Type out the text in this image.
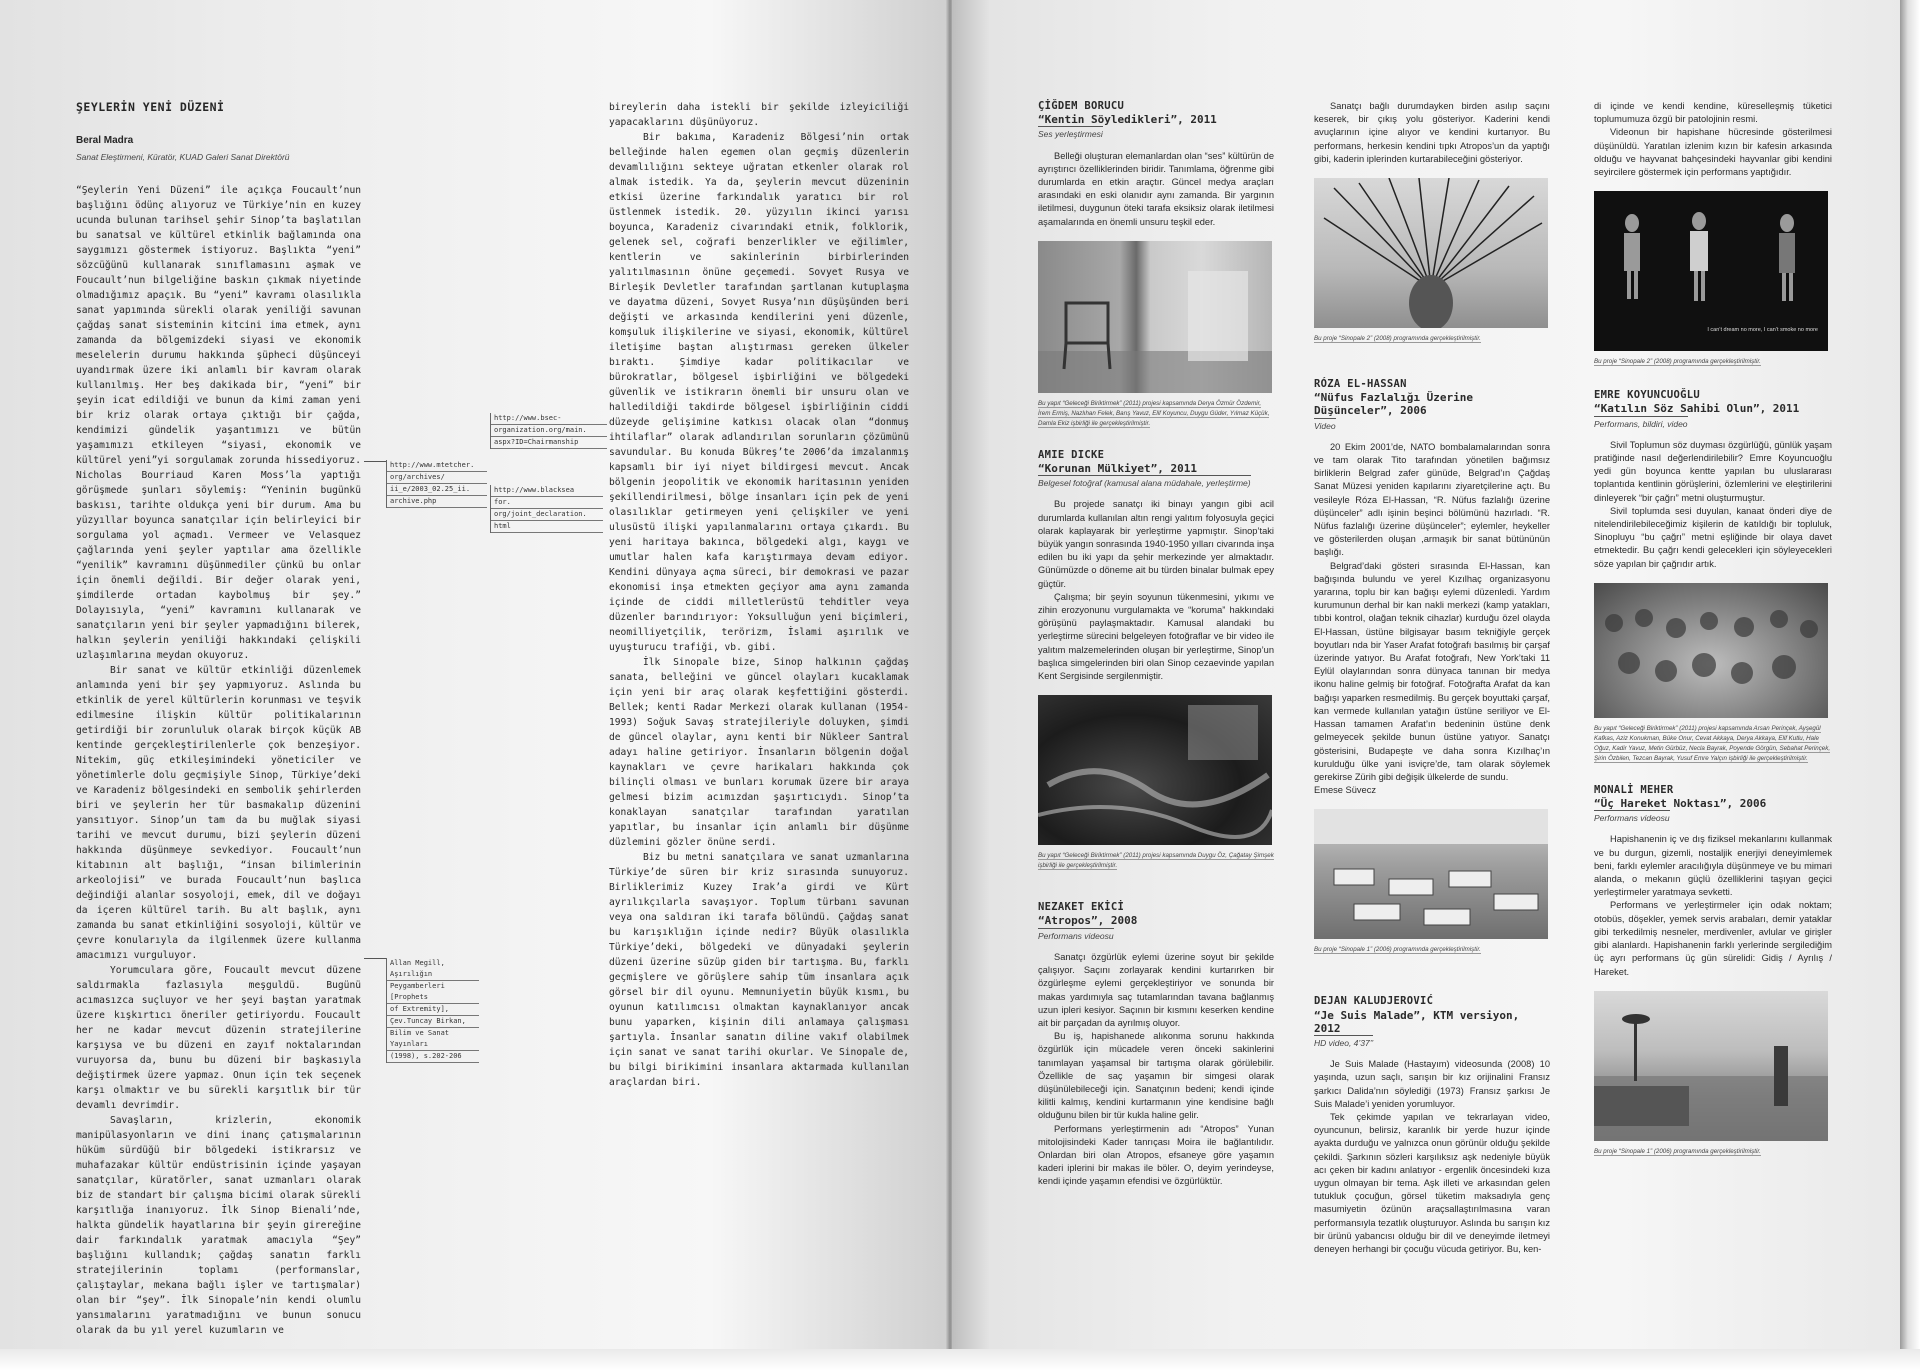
ŞEYLERİN YENİ DÜZENİ
Beral Madra
Sanat Eleştirmeni, Küratör, KUAD Galeri Sanat Direktörü

“Şeylerin Yeni Düzeni” ile açıkça Foucault’nun başlığını ödünç alıyoruz ve Türkiye’nin en kuzey ucunda bulunan tarihsel şehir Sinop’ta başlatılan bu sanatsal ve kültürel etkinlik bağlamında ona saygımızı göstermek istiyoruz. Başlıkta “yeni” sözcüğünü kullanarak sınıflamasını aşmak ve Foucault’nun bilgeliğine baskın çıkmak niyetinde olmadığımız apaçık. Bu “yeni” kavramı olasılıkla sanat yapımında sürekli olarak yeniliği savunan çağdaş sanat sisteminin kitcini ima etmek, aynı zamanda da bölgemizdeki siyasi ve ekonomik meselelerin durumu hakkında şüpheci düşünceyi uyandırmak üzere iki anlamlı bir kavram olarak kullanılmış. Her beş dakikada bir, “yeni” bir şeyin icat edildiği ve bunun da kimi zaman yeni bir kriz olarak ortaya çıktığı bir çağda, kendimizi gündelik yaşantımızı ve bütün yaşamımızı etkileyen “siyasi, ekonomik ve kültürel yeni”yi sorgulamak zorunda hissediyoruz. Nicholas Bourriaud Karen Moss’la yaptığı görüşmede şunları söylemiş: “Yeninin bugünkü baskısı, tarihte oldukça yeni bir durum. Ama bu yüzyıllar boyunca sanatçılar için belirleyici bir sorgulama yol açmadı. Vermeer ve Velasquez çağlarında yeni şeyler yaptılar ama özellikle “yenilik” kavramını düşünmediler çünkü bu onlar için önemli değildi. Bir değer olarak yeni, şimdilerde ortadan kaybolmuş bir şey.” Dolayısıyla, “yeni” kavramını kullanarak ve sanatçıların yeni bir şeyler yapmadığını bilerek, halkın şeylerin yeniliği hakkındaki çelişkili uzlaşımlarına meydan okuyoruz.

Bir sanat ve kültür etkinliği düzenlemek anlamında yeni bir şey yapmıyoruz. Aslında bu etkinlik de yerel kültürlerin korunması ve teşvik edilmesine ilişkin kültür politikalarının getirdiği bir zorunluluk olarak birçok küçük AB kentinde gerçekleştirilenlerle çok benzeşiyor. Nitekim, güç etkileşimindeki yöneticiler ve yönetimlerle dolu geçmişiyle Sinop, Türkiye’deki ve Karadeniz bölgesindeki en sembolik şehirlerden biri ve şeylerin her tür basmakalıp düzenini yansıtıyor. Sinop’un tam da bu muğlak siyasi tarihi ve mevcut durumu, bizi şeylerin düzeni hakkında düşünmeye sevkediyor. Foucault’nun kitabının alt başlığı, “insan bilimlerinin arkeolojisi” ve burada Foucault’nun başlıca değindiği alanlar sosyoloji, emek, dil ve doğayı da içeren kültürel tarih. Bu alt başlık, aynı zamanda bu sanat etkinliğini sosyoloji, kültür ve çevre konularıyla da ilgilenmek üzere kullanma amacımızı vurguluyor.

Yorumculara göre, Foucault mevcut düzene saldırmakla fazlasıyla meşguldü. Bugünü acımasızca suçluyor ve her şeyi baştan yaratmak üzere kışkırtıcı öneriler getiriyordu. Foucault her ne kadar mevcut düzenin stratejilerine karşıysa ve bu düzeni en zayıf noktalarından vuruyorsa da, bunu bu düzeni bir başkasıyla değiştirmek üzere yapmaz. Onun için tek seçenek karşı olmaktır ve bu sürekli karşıtlık bir tür devamlı devrimdir.

Savaşların, krizlerin, ekonomik manipülasyonların ve dini inanç çatışmalarının hüküm sürdüğü bir bölgedeki istikrarsız ve muhafazakar kültür endüstrisinin içinde yaşayan sanatçılar, küratörler, sanat uzmanları olarak biz de standart bir çalışma bicimi olarak sürekli karşıtlığa inanıyoruz. İlk Sinop Bienali’nde, halkta gündelik hayatlarına bir şeyin girereğine dair farkındalık yaratmak amacıyla “Şey” başlığını kullandık; çağdaş sanatın farklı stratejilerinin toplamı (performanslar, çalıştaylar, mekana bağlı işler ve tartışmalar) olan bir “şey”. İlk Sinopale’nin kendi olumlu yansımalarını yaratmadığını ve bunun sonucu olarak da bu yıl yerel kuzumların ve

bireylerin daha istekli bir şekilde izleyiciliği yapacaklarını düşünüyoruz.

Bir bakıma, Karadeniz Bölgesi’nin ortak belleğinde halen egemen olan geçmiş düzenlerin devamlılığını sekteye uğratan etkenler olarak rol almak istedik. Ya da, şeylerin mevcut düzeninin etkisi üzerine farkındalık yaratıcı bir rol üstlenmek istedik. 20. yüzyılın ikinci yarısı boyunca, Karadeniz civarındaki etnik, folklorik, gelenek sel, coğrafi benzerlikler ve eğilimler, kentlerin ve sakinlerinin birbirlerinden yalıtılmasının önüne geçemedi. Sovyet Rusya ve Birleşik Devletler tarafından şartlanan kutuplaşma ve dayatma düzeni, Sovyet Rusya’nın düşüşünden beri değişti ve arkasında kendilerini yeni düzenle, komşuluk ilişkilerine ve siyasi, ekonomik, kültürel iletişime baştan alıştırması gereken ülkeler bıraktı. Şimdiye kadar politikacılar ve bürokratlar, bölgesel işbirliğini ve bölgedeki güvenlik ve istikrarın önemli bir unsuru olan ve halledildiği takdirde bölgesel işbirliğinin ciddi düzeyde gelişimine katkısı olacak olan “donmuş ihtilaflar” olarak adlandırılan sorunların çözümünü savundular. Bu konuda Bükreş’te 2006’da imzalanmış kapsamlı bir iyi niyet bildirgesi mevcut. Ancak bölgenin jeopolitik ve ekonomik haritasının yeniden şekillendirilmesi, bölge insanları için pek de yeni olasılıklar getirmeyen yeni çelişkiler ve yeni ulusüstü ilişki yapılanmalarını ortaya çıkardı. Bu yeni haritaya bakınca, bölgedeki algı, kaygı ve umutlar halen kafa karıştırmaya devam ediyor. Kendini dünyaya açma süreci, bir demokrasi ve pazar ekonomisi inşa etmekten geçiyor ama aynı zamanda içinde de ciddi milletlerüstü tehditler veya düzenler barındırıyor: Yoksulluğun yeni biçimleri, neomilliyetçilik, terörizm, İslami aşırılık ve uyuşturucu trafiği, vb. gibi.

İlk Sinopale bize, Sinop halkının çağdaş sanata, belleğini ve güncel olayları kucaklamak için yeni bir araç olarak keşfettiğini gösterdi. Bellek; kenti Radar Merkezi olarak kullanan (1954-1993) Soğuk Savaş stratejileriyle doluyken, şimdi de güncel olaylar, aynı kenti bir Nükleer Santral adayı haline getiriyor. İnsanların bölgenin doğal kaynakları ve çevre harikaları hakkında çok bilinçli olması ve bunları korumak üzere bir araya gelmesi bizim acımızdan şaşırtıcıydı. Sinop’ta konaklayan sanatçılar tarafından yaratılan yapıtlar, bu insanlar için anlamlı bir düşünme düzlemini gözler önüne serdi.

Biz bu metni sanatçılara ve sanat uzmanlarına Türkiye’de süren bir kriz sırasında sunuyoruz. Birliklerimiz Kuzey Irak’a girdi ve Kürt ayrılıkçılarla savaşıyor. Toplum türbanı savunan veya ona saldıran iki tarafa bölündü. Çağdaş sanat bu karışıklığın içinde nedir? Büyük olasılıkla Türkiye’deki, bölgedeki ve dünyadaki şeylerin düzeni üzerine süzüp giden bir tartışma. Bu, farklı geçmişlere ve görüşlere sahip tüm insanlara açık görsel bir dil oyunu. Memnuniyetin büyük kısmı, bu oyunun katılımcısı olmaktan kaynaklanıyor ancak bunu yaparken, kişinin dili anlamaya çalışması şartıyla. İnsanlar sanatın diline vakıf olabilmek için sanat ve sanat tarihi okurlar. Ve Sinopale de, bu bilgi birikimini insanlara aktarmada kullanılan araçlardan biri.

http://www.bsec-
organization.org/main.
aspx?ID=Chairmanship
http://www.mtetcher.
org/archives/
ii_e/2003_02.25_ii.
archive.php
http://www.blacksea
for.
org/joint_declaration.
html
Allan Megill, Aşırılığın
Peygamberleri [Prophets
of Extremity],
Çev.Tuncay Birkan,
Bilim ve Sanat Yayınları
(1998), s.202-206
ÇİĞDEM BORUCU
“Kentin Söyledikleri”, 2011
Ses yerleştirmesi

Belleği oluşturan elemanlardan olan “ses” kültürün de ayrıştırıcı özelliklerinden biridir. Tanımlama, öğrenme gibi durumlarda en etkin araçtır. Güncel medya araçları arasındaki en eski olanıdır aynı zamanda. Bir yargının iletilmesi, duygunun öteki tarafa eksiksiz olarak iletilmesi aşamalarında en önemli unsuru teşkil eder.

Bu yapıt “Geleceği Biriktirmek” (2011) projesi kapsamında Derya Özmür Özdemir, İrem Ermiş, Nazlıhan Felek, Barış Yavuz, Elif Koyuncu, Duygu Güder, Yılmaz Küçük, Damla Ekiz işbirliği ile gerçekleştirilmiştir.
AMIE DICKE
“Korunan Mülkiyet”, 2011
Belgesel fotoğraf (kamusal alana müdahale, yerleştirme)

Bu projede sanatçı iki binayı yangın gibi acil durumlarda kullanılan altın rengi yalıtım folyosuyla geçici olarak kaplayarak bir yerleştirme yapmıştır. Sinop’taki büyük yangın sonrasında 1940-1950 yılları civarında inşa edilen bu iki yapı da şehir merkezinde yer almaktadır. Günümüzde o döneme ait bu türden binalar bulmak epey güçtür.

Çalışma; bir şeyin soyunun tükenmesini, yıkımı ve zihin erozyonunu vurgulamakta ve “koruma” hakkındaki görüşünü paylaşmaktadır. Kamusal alandaki bu yerleştirme sürecini belgeleyen fotoğraflar ve bir video ile yalıtım malzemelerinden oluşan bir yerleştirme, Sinop’un başlıca simgelerinden biri olan Sinop cezaevinde yapılan Kent Sergisinde sergilenmiştir.

Bu yapıt “Geleceği Biriktirmek” (2011) projesi kapsamında Duygu Öz, Çağatay Şimşek işbirliği ile gerçekleştirilmiştir.
NEZAKET EKİCİ
“Atropos”, 2008
Performans videosu

Sanatçı özgürlük eylemi üzerine soyut bir şekilde çalışıyor. Saçını zorlayarak kendini kurtarırken bir özgürleşme eylemi gerçekleştiriyor ve sonunda bir makas yardımıyla saç tutamlarından tavana bağlanmış uzun ipleri kesiyor. Saçının bir kısmını keserken kendine ait bir parçadan da ayrılmış oluyor.

Bu iş, hapishanede alıkonma sorunu hakkında özgürlük için mücadele veren önceki sakinlerini tanımlayan yaşamsal bir tartışma olarak görülebilir. Özellikle de saç yaşamın bir simgesi olarak düşünülebileceği için. Sanatçının bedeni; kendi içinde kilitli kalmış, kendini kurtarmanın yine kendisine bağlı olduğunu bilen bir tür kukla haline gelir.

Performans yerleştirmenin adı “Atropos” Yunan mitolojisindeki Kader tanrıçası Moira ile bağlantılıdır. Onlardan biri olan Atropos, efsaneye göre yaşamın kaderi iplerini bir makas ile böler. O, deyim yerindeyse, kendi içinde yaşamın efendisi ve özgürlüktür.

Sanatçı bağlı durumdayken birden asılıp saçını keserek, bir çıkış yolu gösteriyor. Kaderini kendi avuçlarının içine alıyor ve kendini kurtarıyor. Bu performans, herkesin kendini tıpkı Atropos’un da yaptığı gibi, kaderin iplerinden kurtarabileceğini gösteriyor.

Bu proje “Sinopale 2” (2008) programında gerçekleştirilmiştir.
RÓZA EL-HASSAN
“Nüfus Fazlalığı Üzerine Düşünceler”, 2006
Video

20 Ekim 2001’de, NATO bombalamalarından sonra ve tam olarak Tito tarafından yönetilen bağımsız birliklerin Belgrad zafer günüde, Belgrad’ın Çağdaş Sanat Müzesi yeniden kapılarını ziyaretçilerine açtı. Bu vesileyle Róza El-Hassan, “R. Nüfus fazlalığı üzerine düşünceler” adlı işinin beşinci bölümünü hazırladı. “R. Nüfus fazlalığı üzerine düşünceler”; eylemler, heykeller ve gösterilerden oluşan ,armaşık bir sanat bütününün başlığı.

Belgrad’daki gösteri sırasında El-Hassan, kan bağışında bulundu ve yerel Kızılhaç organizasyonu yararına, toplu bir kan bağışı eylemi düzenledi. Yardım kurumunun derhal bir kan nakli merkezi (kamp yatakları, tıbbi kontrol, olağan teknik cihazlar) kurduğu özel olayda El-Hassan, üstüne bilgisayar basım tekniğiyle gerçek boyutları nda bir Yaser Arafat fotoğrafı basılmış bir çarşaf üzerinde yatıyor. Bu Arafat fotoğrafı, New York’taki 11 Eylül olaylarından sonra dünyaca tanınan bir medya ikonu haline gelmiş bir fotoğraf. Fotoğrafta Arafat da kan bağışı yaparken resmedilmiş. Bu gerçek boyuttaki çarşaf, kan vermede kullanılan yatağın üstüne seriliyor ve El-Hassan tamamen Arafat’ın bedeninin üstüne denk gelmeyecek şekilde bunun üstüne yatıyor. Sanatçı gösterisini, Budapeşte ve daha sonra Kızılhaç’ın kurulduğu ülke yani isviçre’de, tam olarak söylemek gerekirse Zürih gibi değişik ülkelerde de sundu.

Emese Süvecz

Bu proje “Sinopale 1” (2006) programında gerçekleştirilmiştir.
DEJAN KALUDJEROVIĆ
“Je Suis Malade”, KTM versiyon, 2012
HD video, 4’37’’

Je Suis Malade (Hastayım) videosunda (2008) 10 yaşında, uzun saçlı, sarışın bir kız orijinalini Fransız şarkıcı Dalida’nın söylediği (1973) Fransız şarkısı Je Suis Malade’i yeniden yorumluyor.

Tek çekimde yapılan ve tekrarlayan video, oyuncunun, belirsiz, karanlık bir yerde huzur içinde ayakta durduğu ve yalnızca onun görünür olduğu şekilde çekildi. Şarkının sözleri karşılıksız aşk nedeniyle büyük acı çeken bir kadını anlatıyor - ergenlik öncesindeki kıza uygun olmayan bir tema. Aşk illeti ve arkasından gelen tutukluk çocuğun, görsel tüketim maksadıyla genç masumiyetin özünün araçsallaştırılmasına varan performansıyla tezatlık oluşturuyor. Aslında bu sarışın kız bir ürünü yabancısı olduğu bir dil ve deneyimde iletmeyi deneyen herhangi bir çocuğu vücuda getiriyor. Bu, ken-

di içinde ve kendi kendine, küreselleşmiş tüketici toplumumuza özgü bir patolojinin resmi.

Videonun bir hapishane hücresinde gösterilmesi düşünüldü. Yaratılan izlenim kızın bir kafesin arkasında olduğu ve hayvanat bahçesindeki hayvanlar gibi kendini seyircilere göstermek için performans yaptığıdır.

I can’t dream no more, I can’t smoke no more
Bu proje “Sinopale 2” (2008) programında gerçekleştirilmiştir.
EMRE KOYUNCUOĞLU
“Katılın Söz Sahibi Olun”, 2011
Performans, bildiri, video

Sivil Toplumun söz duyması özgürlüğü, günlük yaşam pratiğinde nasıl değerlendirilebilir? Emre Koyuncuoğlu yedi gün boyunca kentte yapılan bu uluslararası toplantıda kentlinin görüşlerini, özlemlerini ve eleştirilerini dinleyerek “bir çağrı” metni oluşturmuştur.

Sivil toplumda sesi duyulan, kanaat önderi diye de nitelendirilebileceğimiz kişilerin de katıldığı bir topluluk, Sinopluyu “bu çağrı” metni eşliğinde bir olaya davet etmektedir. Bu çağrı kendi gelecekleri için söyleyecekleri söze yapılan bir çağrıdır artık.

Bu yapıt “Geleceği Biriktirmek” (2011) projesi kapsamında Arsan Perinçek, Ayşegül Kafkas, Aziz Konukman, Büke Onur, Cevat Akkaya, Derya Akkaya, Elif Kutlu, Hale Oğuz, Kadir Yavuz, Metin Gürbüz, Necla Bayrak, Poyende Görgün, Sebahat Perinçek, Şirin Özbilen, Tezcan Bayrak, Yusuf Emre Yalçın işbirliği ile gerçekleştirilmiştir.
MONALİ MEHER
“Üç Hareket Noktası”, 2006
Performans videosu

Hapishanenin iç ve dış fiziksel mekanlarını kullanmak ve bu durgun, gizemli, nostaljik enerjiyi deneyimlemek beni, farklı eylemler aracılığıyla düşünmeye ve bu mimari alanda, o mekanın güçlü özelliklerini taşıyan geçici yerleştirmeler yaratmaya sevketti.

Performans ve yerleştirmeler için odak noktam; otobüs, döşekler, yemek servis arabaları, demir yataklar gibi terkedilmiş nesneler, merdivenler, avlular ve girişler gibi alanlardı. Hapishanenin farklı yerlerinde sergilediğim üç ayrı performans üç gün sürelidi: Gidiş / Ayrılış / Hareket.

Bu proje “Sinopale 1” (2006) programında gerçekleştirilmiştir.
